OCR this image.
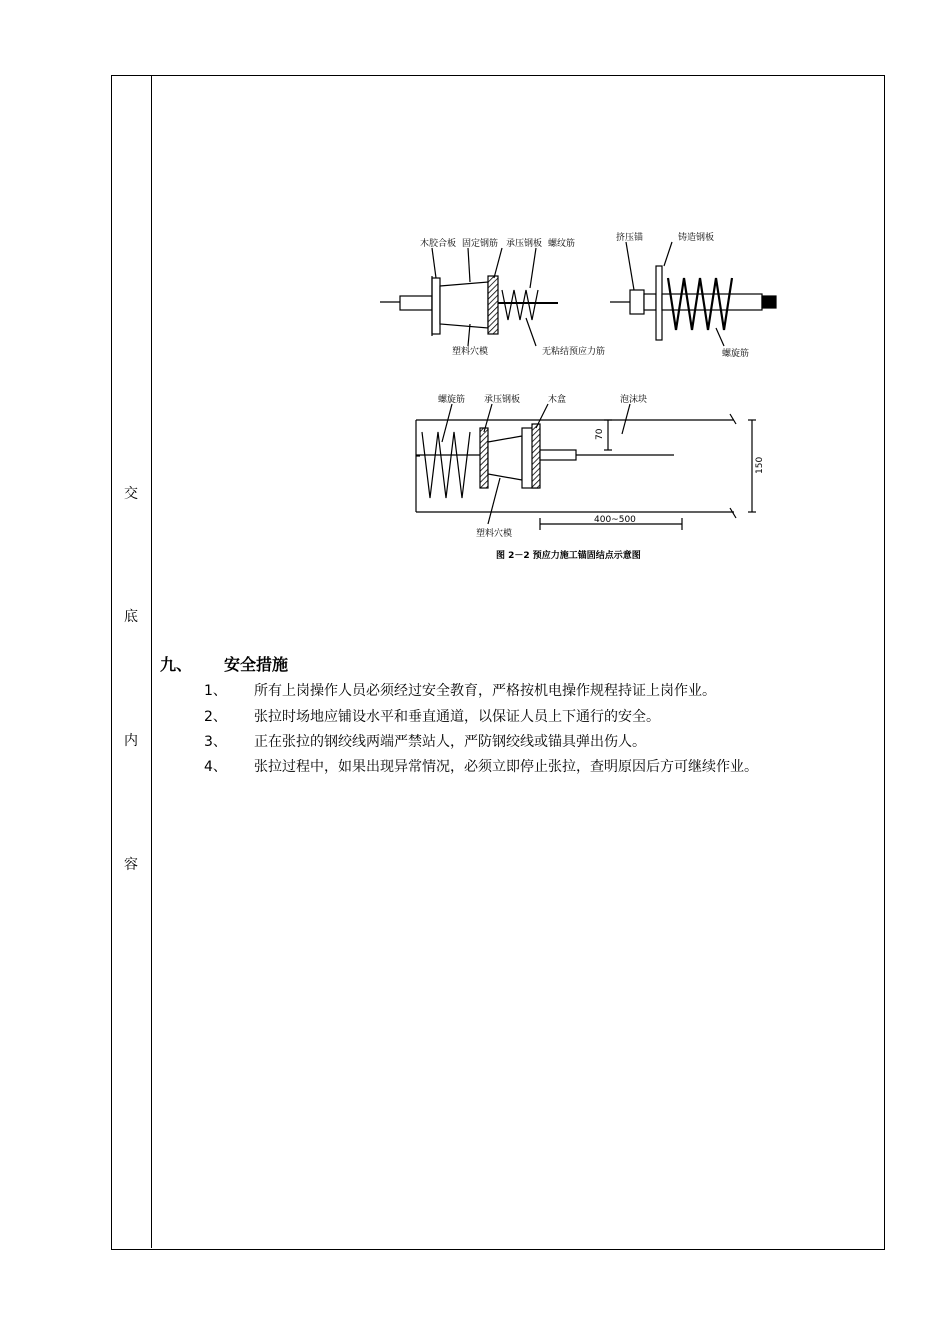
交
底
内
容
木胶合板 固定钢筋 承压钢板 螺纹筋
塑料穴模	无粘结预应力筋
挤压锚	铸造钢板
螺旋筋
螺旋筋 承压钢板	木盒	泡沫块
塑料穴模
70
150
400~500
图 2－2 预应力施工锚固结点示意图
九、 安全措施
1、 所有上岗操作人员必须经过安全教育，严格按机电操作规程持证上岗作业。
2、 张拉时场地应铺设水平和垂直通道，以保证人员上下通行的安全。
3、 正在张拉的钢绞线两端严禁站人，严防钢绞线或锚具弹出伤人。
4、 张拉过程中，如果出现异常情况，必须立即停止张拉，查明原因后方可继续作业。
